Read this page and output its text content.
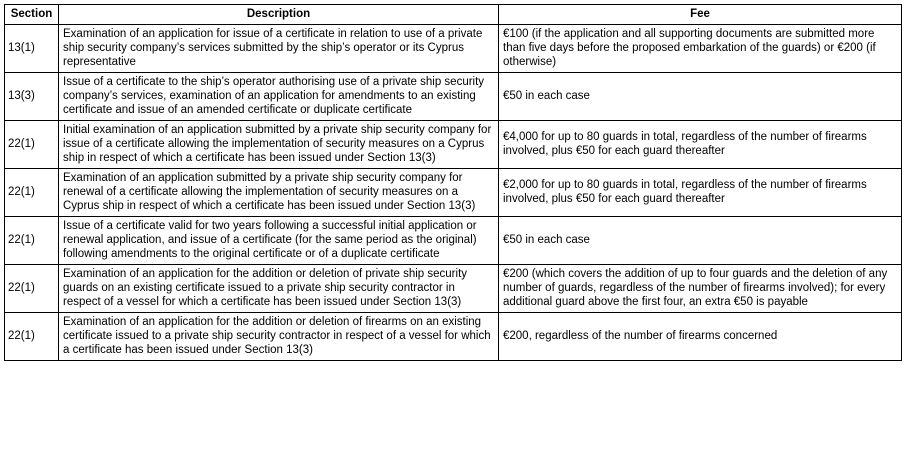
Section	Description	Fee
13(1)	Examination of an application for issue of a certificate in relation to use of a private ship security company’s services submitted by the ship’s operator or its Cyprus representative	€100 (if the application and all supporting documents are submitted more than five days before the proposed embarkation of the guards) or €200 (if otherwise)
13(3)	Issue of a certificate to the ship’s operator authorising use of a private ship security company’s services, examination of an application for amendments to an existing certificate and issue of an amended certificate or duplicate certificate	€50 in each case
22(1)	Initial examination of an application submitted by a private ship security company for issue of a certificate allowing the implementation of security measures on a Cyprus ship in respect of which a certificate has been issued under Section 13(3)	€4,000 for up to 80 guards in total, regardless of the number of firearms involved, plus €50 for each guard thereafter
22(1)	Examination of an application submitted by a private ship security company for renewal of a certificate allowing the implementation of security measures on a Cyprus ship in respect of which a certificate has been issued under Section 13(3)	€2,000 for up to 80 guards in total, regardless of the number of firearms involved, plus €50 for each guard thereafter
22(1)	Issue of a certificate valid for two years following a successful initial application or renewal application, and issue of a certificate (for the same period as the original) following amendments to the original certificate or of a duplicate certificate	€50 in each case
22(1)	Examination of an application for the addition or deletion of private ship security guards on an existing certificate issued to a private ship security contractor in respect of a vessel for which a certificate has been issued under Section 13(3)	€200 (which covers the addition of up to four guards and the deletion of any number of guards, regardless of the number of firearms involved); for every additional guard above the first four, an extra €50 is payable
22(1)	Examination of an application for the addition or deletion of firearms on an existing certificate issued to a private ship security contractor in respect of a vessel for which a certificate has been issued under Section 13(3)	€200, regardless of the number of firearms concerned
